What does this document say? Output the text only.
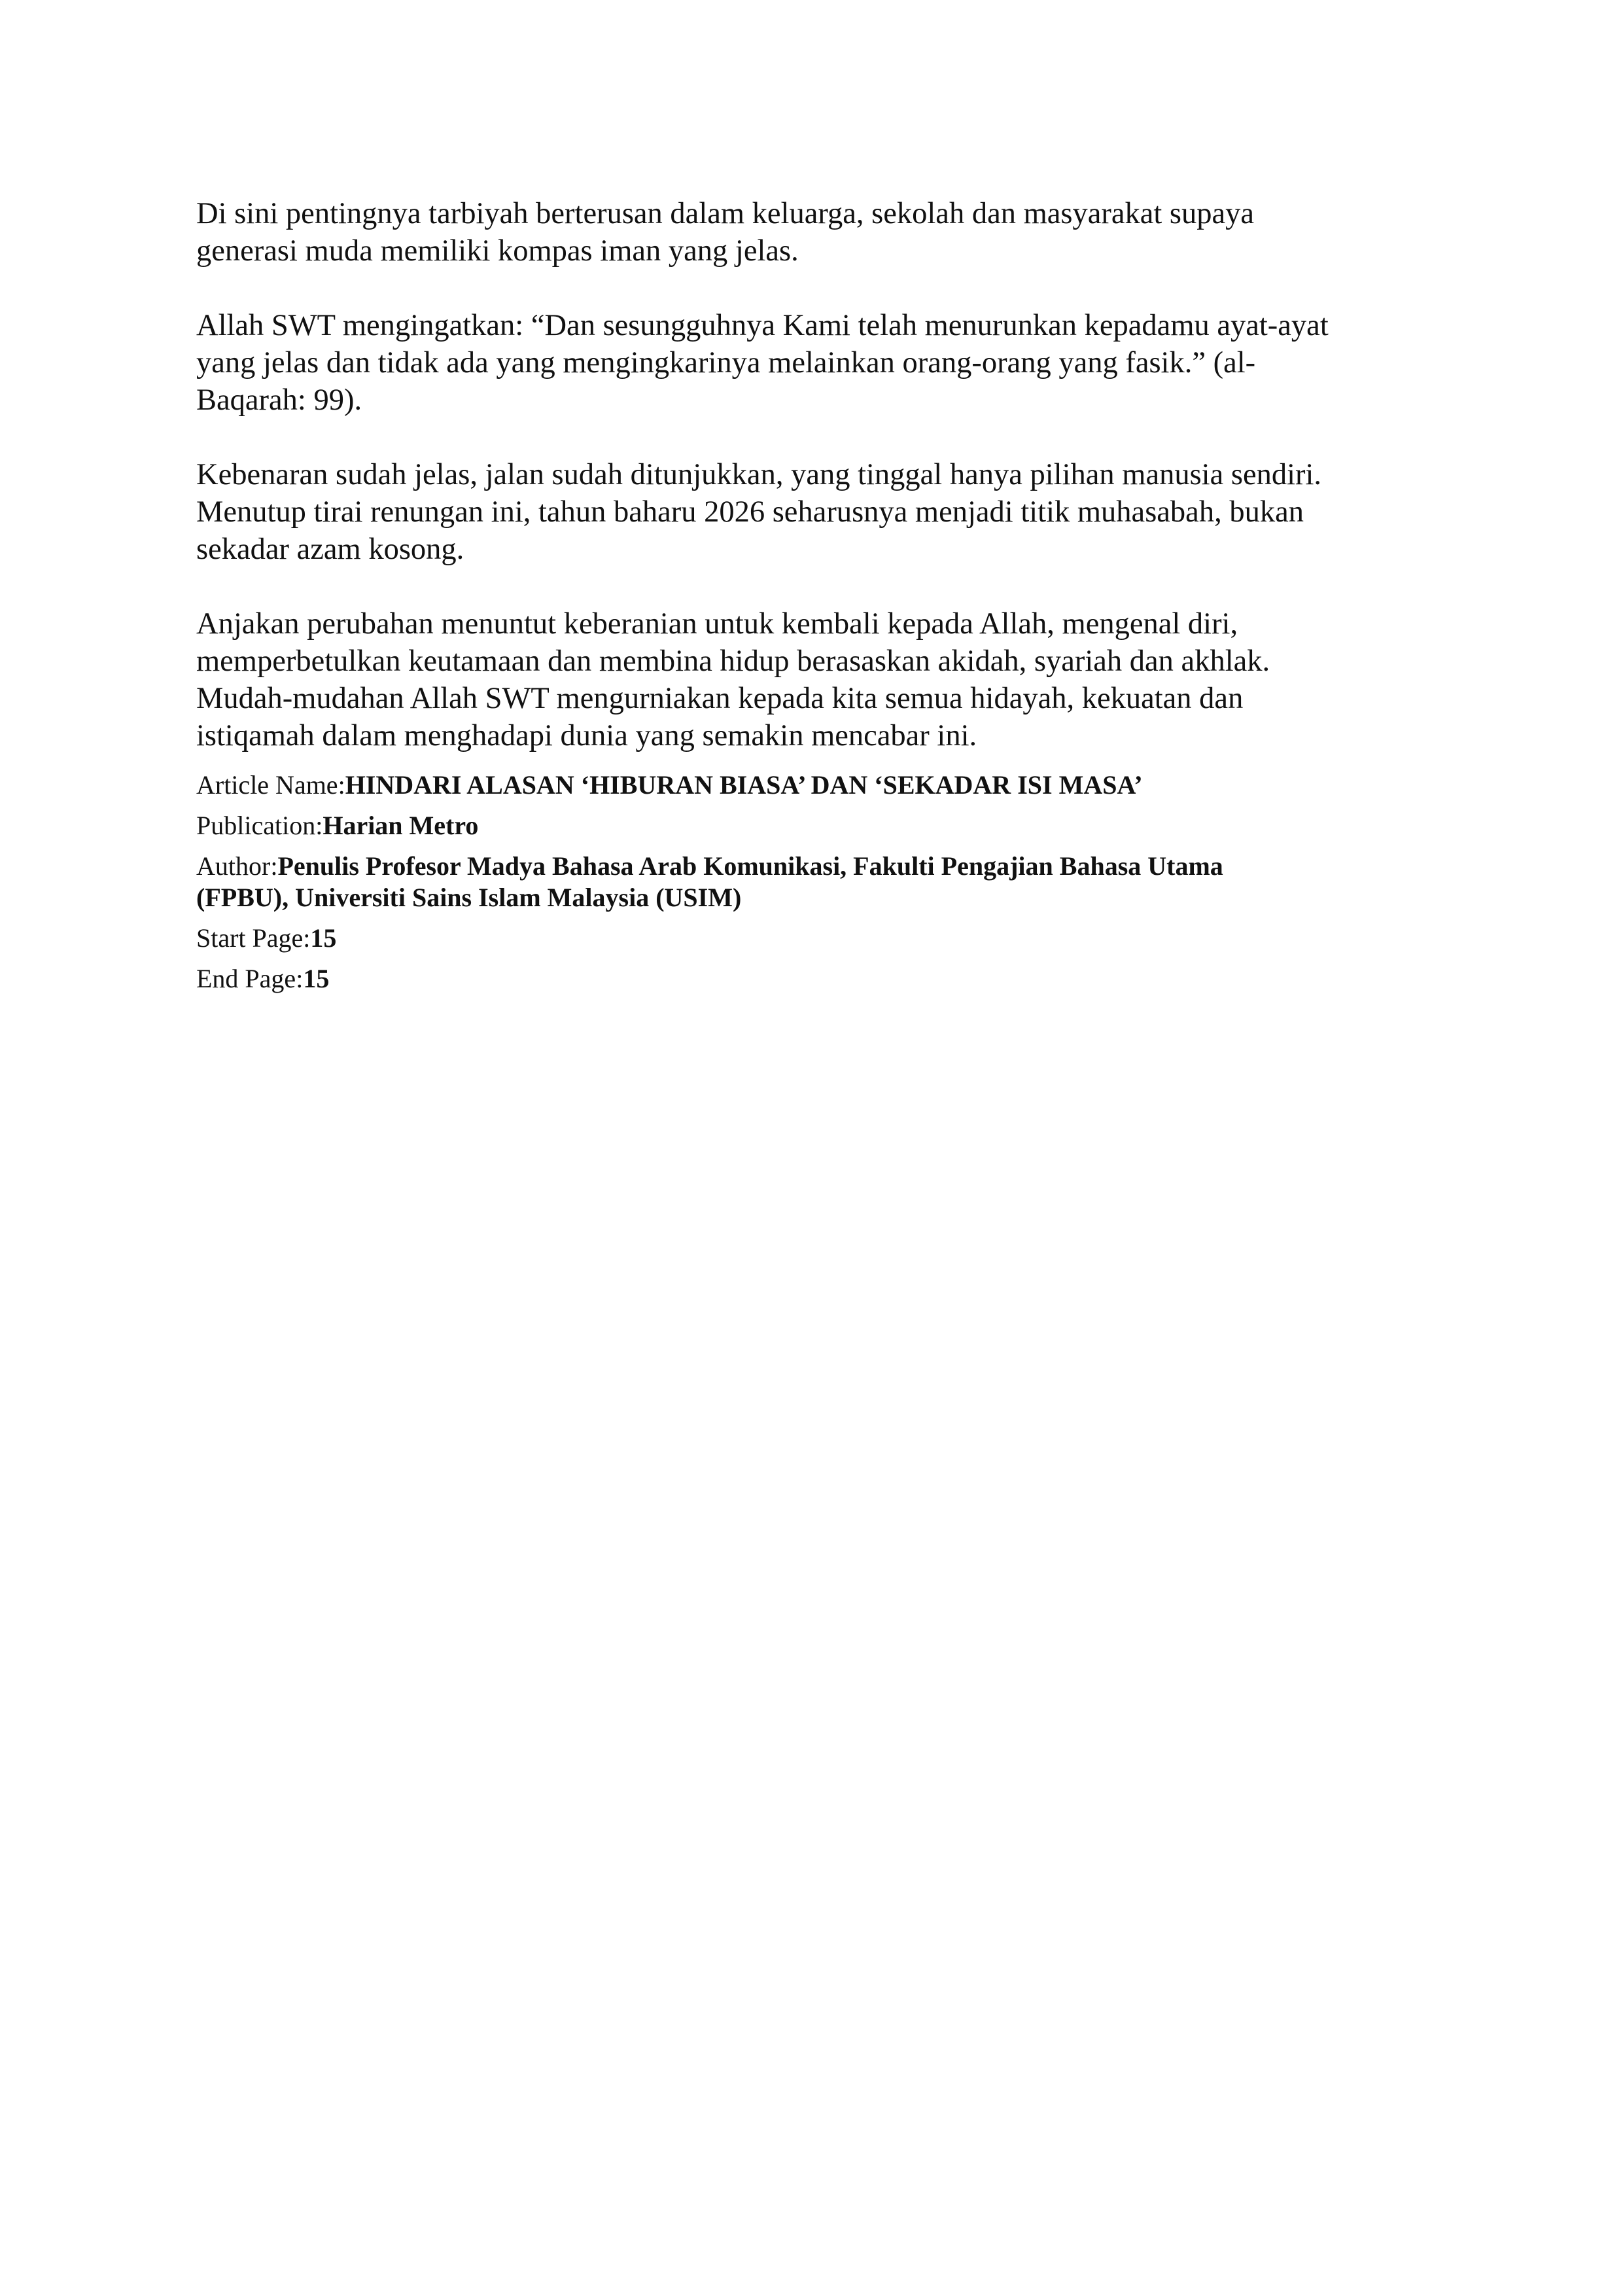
Di sini pentingnya tarbiyah berterusan dalam keluarga, sekolah dan masyarakat supaya
generasi muda memiliki kompas iman yang jelas.

Allah SWT mengingatkan: “Dan sesungguhnya Kami telah menurunkan kepadamu ayat-ayat
yang jelas dan tidak ada yang mengingkarinya melainkan orang-orang yang fasik.” (al-
Baqarah: 99).

Kebenaran sudah jelas, jalan sudah ditunjukkan, yang tinggal hanya pilihan manusia sendiri.
Menutup tirai renungan ini, tahun baharu 2026 seharusnya menjadi titik muhasabah, bukan
sekadar azam kosong.

Anjakan perubahan menuntut keberanian untuk kembali kepada Allah, mengenal diri,
memperbetulkan keutamaan dan membina hidup berasaskan akidah, syariah dan akhlak.
Mudah-mudahan Allah SWT mengurniakan kepada kita semua hidayah, kekuatan dan
istiqamah dalam menghadapi dunia yang semakin mencabar ini.

Article Name:HINDARI ALASAN ‘HIBURAN BIASA’ DAN ‘SEKADAR ISI MASA’
Publication:Harian Metro
Author:Penulis Profesor Madya Bahasa Arab Komunikasi, Fakulti Pengajian Bahasa Utama
(FPBU), Universiti Sains Islam Malaysia (USIM)
Start Page:15
End Page:15
